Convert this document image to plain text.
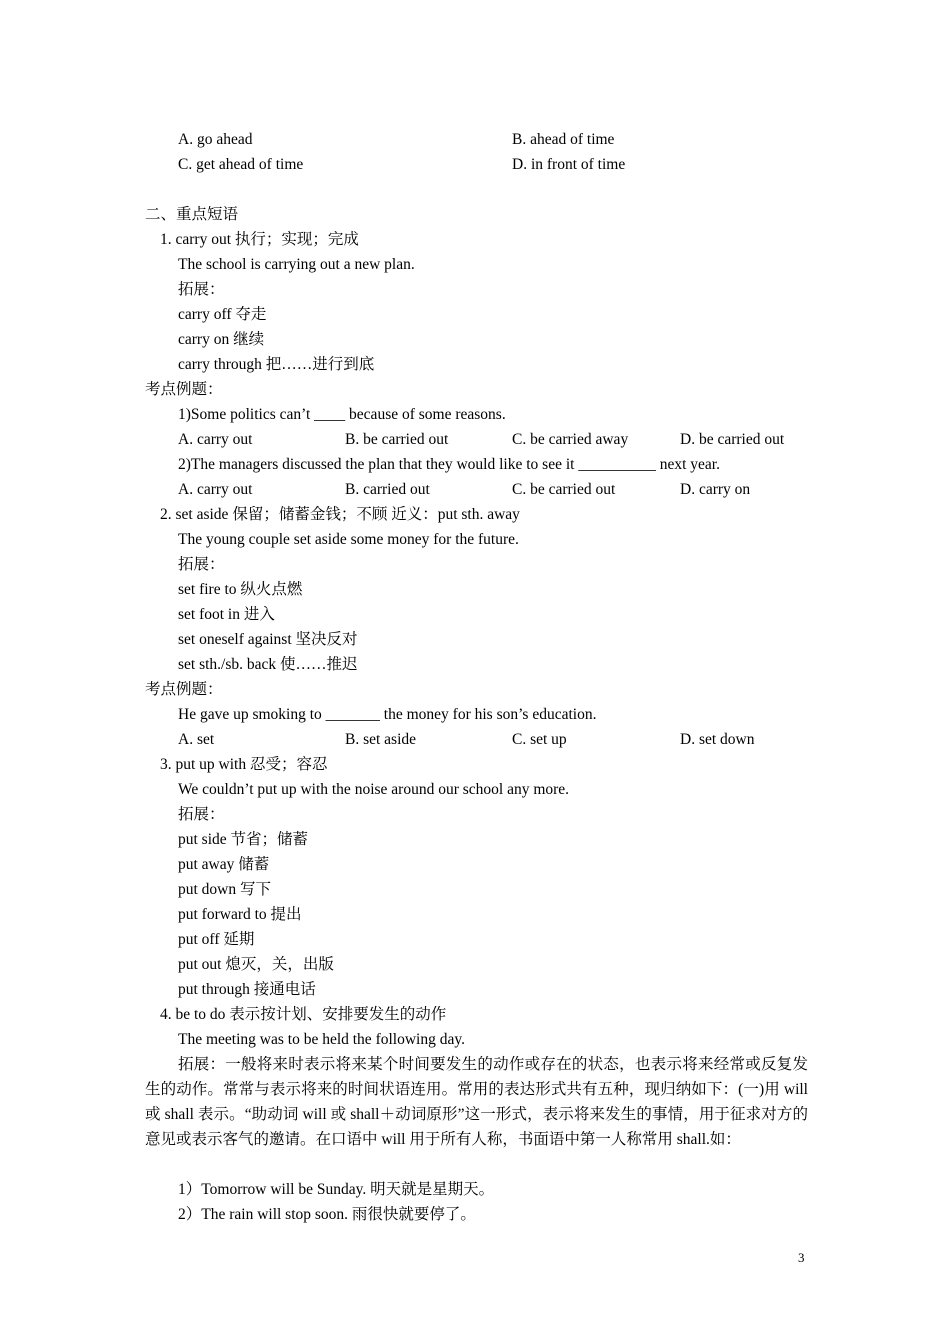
A. go ahead	B. ahead of time
C. get ahead of time	D. in front of time
二、重点短语
1. carry out 执行；实现；完成
The school is carrying out a new plan.
拓展：
carry off 夺走
carry on 继续
carry through 把……进行到底
考点例题：
1)Some politics can’t ____ because of some reasons.
A. carry out	B. be carried out	C. be carried away	D. be carried out
2)The managers discussed the plan that they would like to see it __________ next year.
A. carry out	B. carried out	C. be carried out	D. carry on
2. set aside 保留；储蓄金钱；不顾 近义：put sth. away
The young couple set aside some money for the future.
拓展：
set fire to 纵火点燃
set foot in 进入
set oneself against 坚决反对
set sth./sb. back 使……推迟
考点例题：
He gave up smoking to _______ the money for his son’s education.
A. set	B. set aside	C. set up	D. set down
3. put up with 忍受；容忍
We couldn’t put up with the noise around our school any more.
拓展：
put side 节省；储蓄
put away 储蓄
put down 写下
put forward to 提出
put off 延期
put out 熄灭，关，出版
put through 接通电话
4. be to do 表示按计划、安排要发生的动作
The meeting was to be held the following day.
拓展：一般将来时表示将来某个时间要发生的动作或存在的状态，也表示将来经常或反复发生的动作。常常与表示将来的时间状语连用。常用的表达形式共有五种，现归纳如下：(一)用 will 或 shall 表示。“助动词 will 或 shall＋动词原形”这一形式，表示将来发生的事情，用于征求对方的意见或表示客气的邀请。在口语中 will 用于所有人称，书面语中第一人称常用 shall.如：
1）Tomorrow will be Sunday. 明天就是星期天。
2）The rain will stop soon. 雨很快就要停了。
3
